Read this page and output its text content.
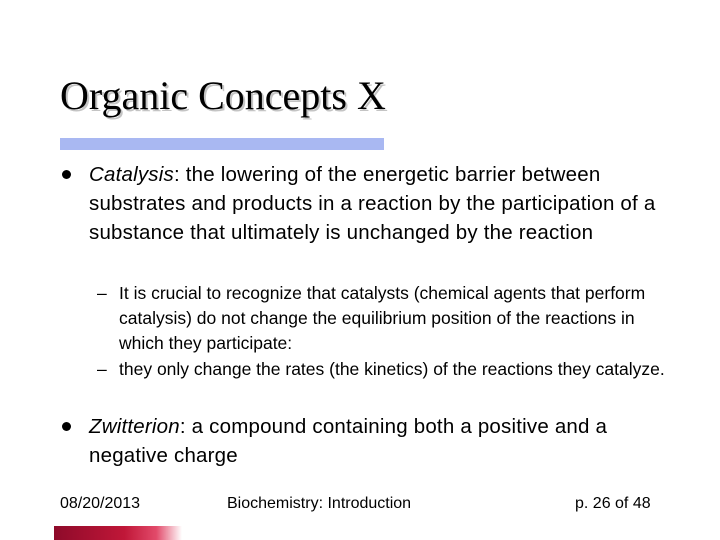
Organic Concepts X
Catalysis: the lowering of the energetic barrier between substrates and products in a reaction by the participation of a substance that ultimately is unchanged by the reaction
– It is crucial to recognize that catalysts (chemical agents that perform catalysis) do not change the equilibrium position of the reactions in which they participate:
– they only change the rates (the kinetics) of the reactions they catalyze.
Zwitterion: a compound containing both a positive and a negative charge
08/20/2013	Biochemistry: Introduction	p. 26 of 48
